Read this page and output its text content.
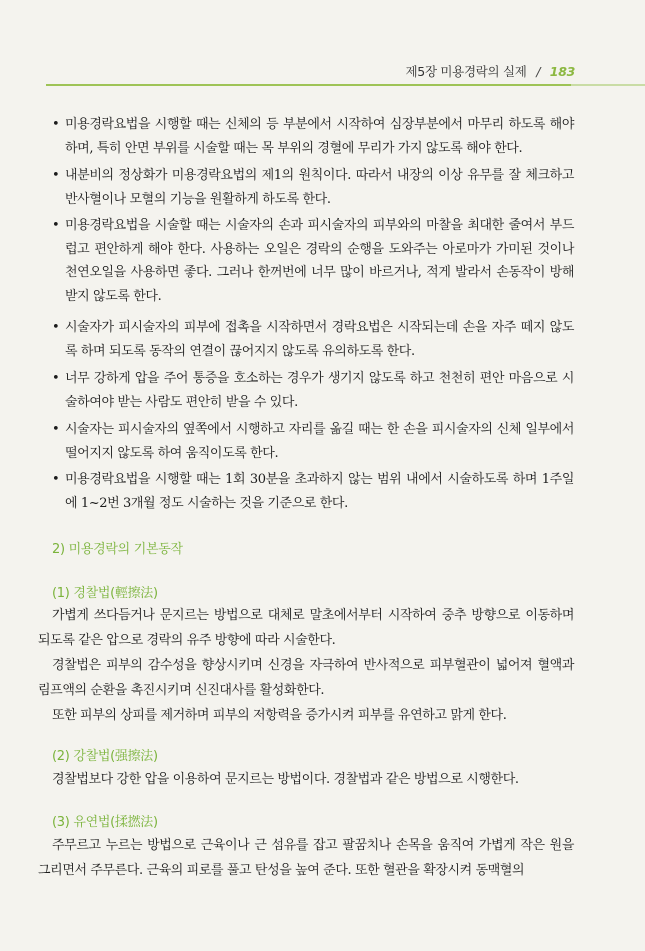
제5장 미용경락의 실제 / 183
• 미용경락요법을 시행할 때는 신체의 등 부분에서 시작하여 심장부분에서 마무리 하도록 해야 하며, 특히 안면 부위를 시술할 때는 목 부위의 경혈에 무리가 가지 않도록 해야 한다.
• 내분비의 정상화가 미용경락요법의 제1의 원칙이다. 따라서 내장의 이상 유무를 잘 체크하고 반사혈이나 모혈의 기능을 원활하게 하도록 한다.
• 미용경락요법을 시술할 때는 시술자의 손과 피시술자의 피부와의 마찰을 최대한 줄여서 부드럽고 편안하게 해야 한다. 사용하는 오일은 경락의 순행을 도와주는 아로마가 가미된 것이나 천연오일을 사용하면 좋다. 그러나 한꺼번에 너무 많이 바르거나, 적게 발라서 손동작이 방해받지 않도록 한다.
• 시술자가 피시술자의 피부에 접촉을 시작하면서 경락요법은 시작되는데 손을 자주 떼지 않도록 하며 되도록 동작의 연결이 끊어지지 않도록 유의하도록 한다.
• 너무 강하게 압을 주어 통증을 호소하는 경우가 생기지 않도록 하고 천천히 편안 마음으로 시술하여야 받는 사람도 편안히 받을 수 있다.
• 시술자는 피시술자의 옆쪽에서 시행하고 자리를 옮길 때는 한 손을 피시술자의 신체 일부에서 떨어지지 않도록 하여 움직이도록 한다.
• 미용경락요법을 시행할 때는 1회 30분을 초과하지 않는 범위 내에서 시술하도록 하며 1주일에 1~2번 3개월 정도 시술하는 것을 기준으로 한다.
2) 미용경락의 기본동작
(1) 경찰법(輕擦法)
가볍게 쓰다듬거나 문지르는 방법으로 대체로 말초에서부터 시작하여 중추 방향으로 이동하며 되도록 같은 압으로 경락의 유주 방향에 따라 시술한다.
경찰법은 피부의 감수성을 향상시키며 신경을 자극하여 반사적으로 피부혈관이 넓어져 혈액과 림프액의 순환을 촉진시키며 신진대사를 활성화한다.
또한 피부의 상피를 제거하며 피부의 저항력을 증가시켜 피부를 유연하고 맑게 한다.
(2) 강찰법(强擦法)
경찰법보다 강한 압을 이용하여 문지르는 방법이다. 경찰법과 같은 방법으로 시행한다.
(3) 유연법(揉撚法)
주무르고 누르는 방법으로 근육이나 근 섬유를 잡고 팔꿈치나 손목을 움직여 가볍게 작은 원을 그리면서 주무른다. 근육의 피로를 풀고 탄성을 높여 준다. 또한 혈관을 확장시켜 동맥혈의
